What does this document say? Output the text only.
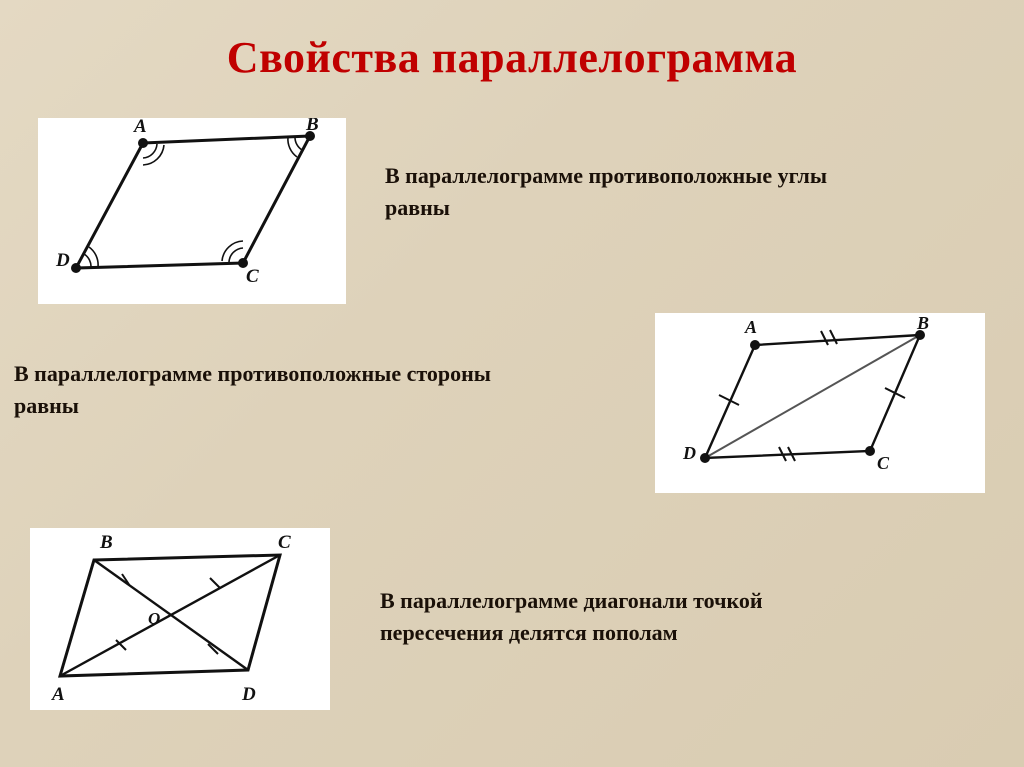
Свойства параллелограмма
A	B
C
D
В параллелограмме противоположные углы равны
A	B
C
D
В параллелограмме противоположные стороны равны
O
B	C
A	D
В параллелограмме диагонали точкой пересечения делятся пополам
